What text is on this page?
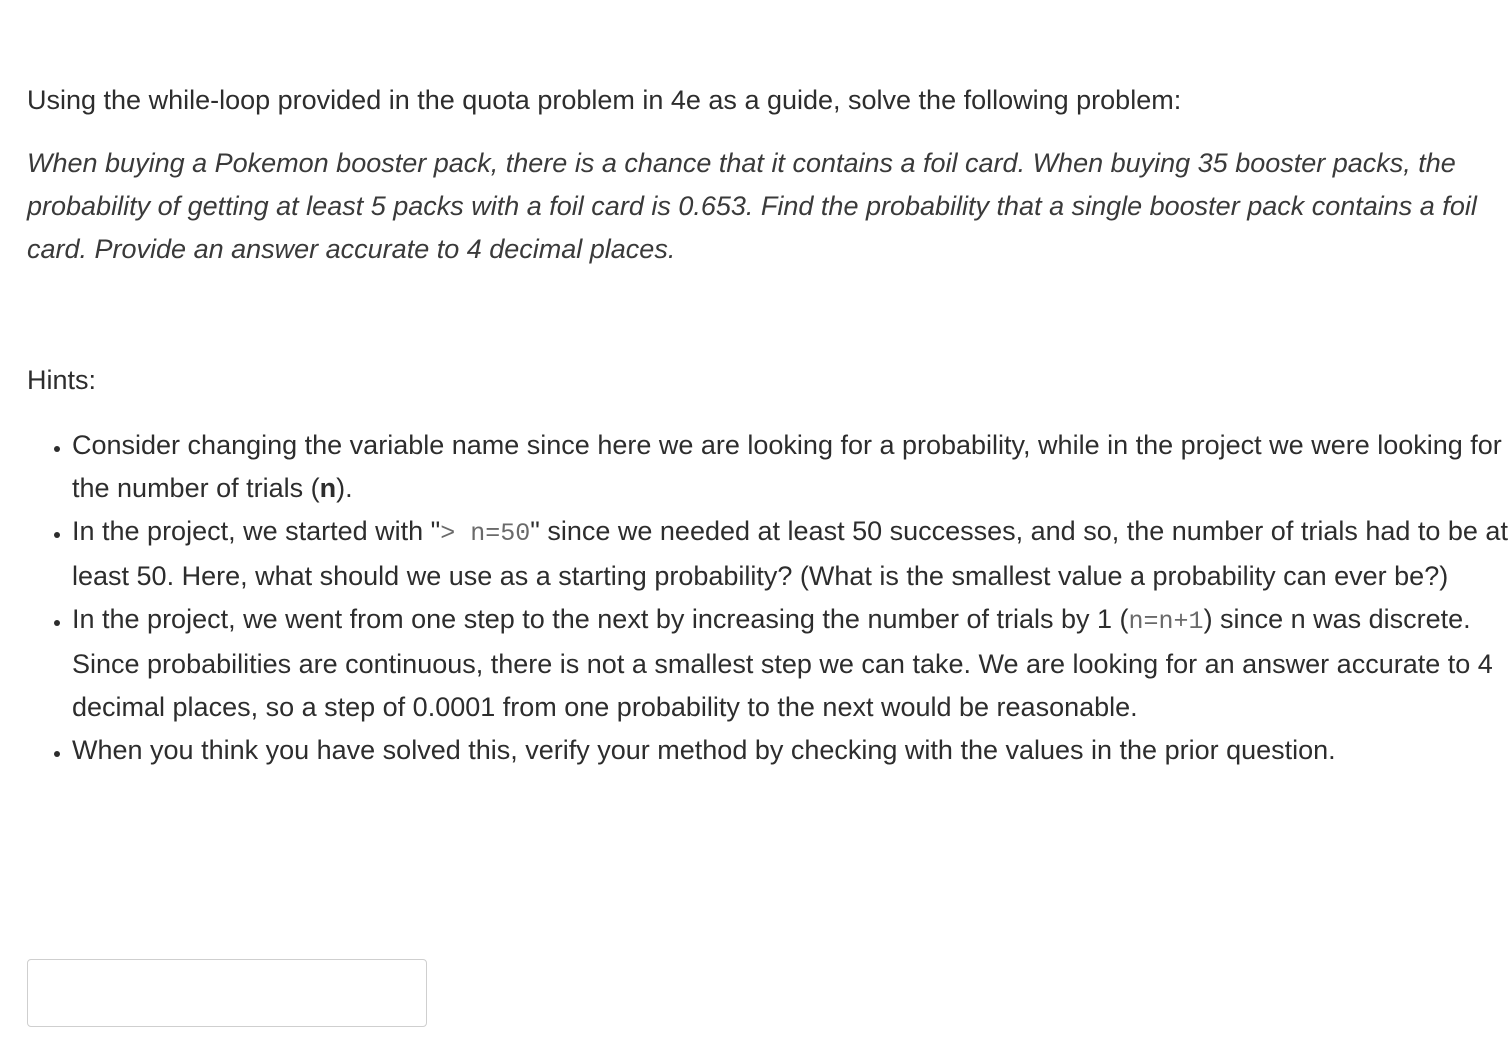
Using the while-loop provided in the quota problem in 4e as a guide, solve the following problem:

When buying a Pokemon booster pack, there is a chance that it contains a foil card. When buying 35 booster packs, the probability of getting at least 5 packs with a foil card is 0.653. Find the probability that a single booster pack contains a foil card. Provide an answer accurate to 4 decimal places.

Hints:

• Consider changing the variable name since here we are looking for a probability, while in the project we were looking for the number of trials (n).
• In the project, we started with "> n=50" since we needed at least 50 successes, and so, the number of trials had to be at least 50. Here, what should we use as a starting probability? (What is the smallest value a probability can ever be?)
• In the project, we went from one step to the next by increasing the number of trials by 1 (n=n+1) since n was discrete. Since probabilities are continuous, there is not a smallest step we can take. We are looking for an answer accurate to 4 decimal places, so a step of 0.0001 from one probability to the next would be reasonable.
• When you think you have solved this, verify your method by checking with the values in the prior question.
